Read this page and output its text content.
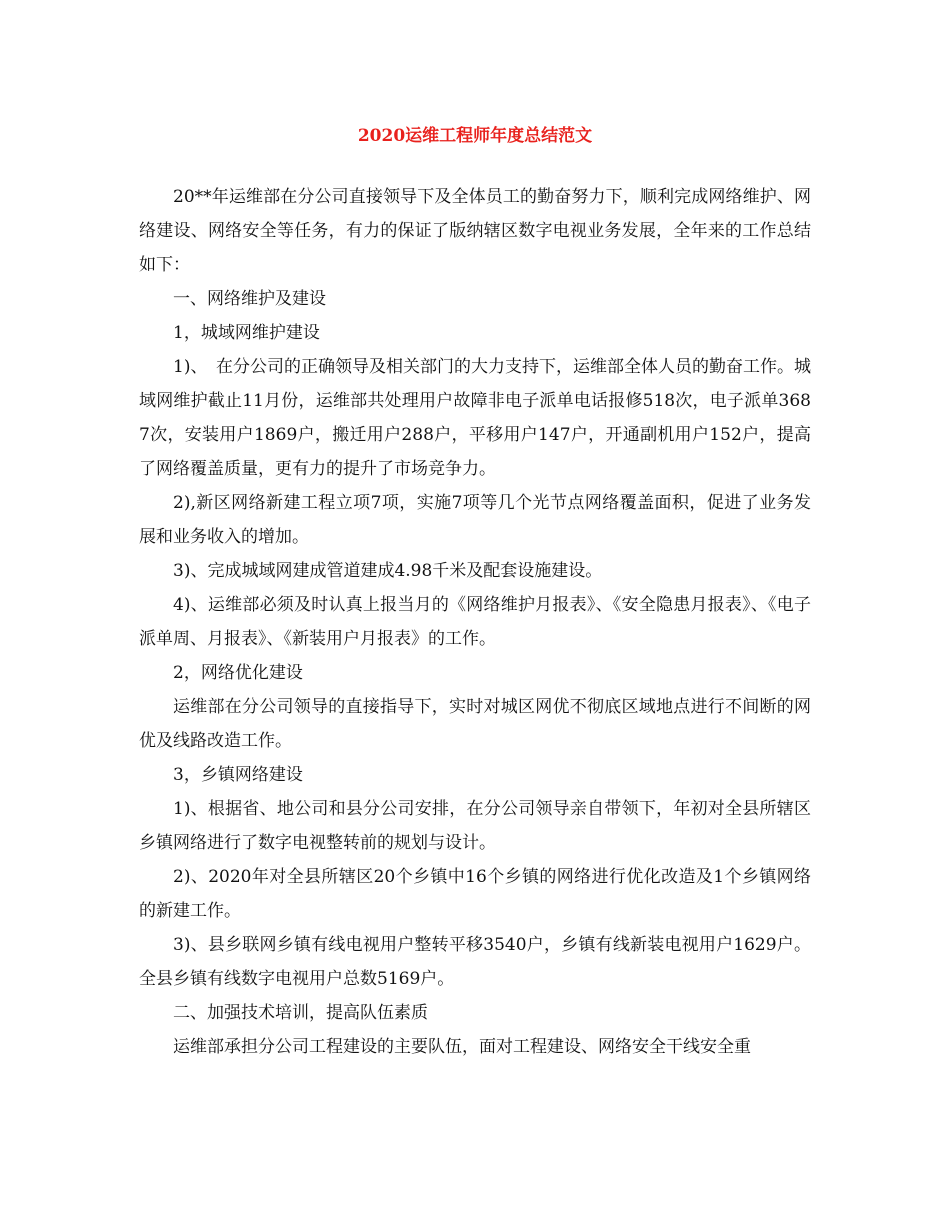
2020运维工程师年度总结范文

20**年运维部在分公司直接领导下及全体员工的勤奋努力下，顺利完成网络维护、网络建设、网络安全等任务，有力的保证了版纳辖区数字电视业务发展，全年来的工作总结如下：

一、网络维护及建设

1，城域网维护建设

1)、　在分公司的正确领导及相关部门的大力支持下，运维部全体人员的勤奋工作。城域网维护截止11月份，运维部共处理用户故障非电子派单电话报修518次，电子派单3687次，安装用户1869户，搬迁用户288户，平移用户147户，开通副机用户152户，提高了网络覆盖质量，更有力的提升了市场竞争力。

2),新区网络新建工程立项7项，实施7项等几个光节点网络覆盖面积，促进了业务发展和业务收入的增加。

3)、完成城域网建成管道建成4.98千米及配套设施建设。

4)、运维部必须及时认真上报当月的《网络维护月报表》、《安全隐患月报表》、《电子派单周、月报表》、《新装用户月报表》的工作。

2，网络优化建设

运维部在分公司领导的直接指导下，实时对城区网优不彻底区域地点进行不间断的网优及线路改造工作。

3，乡镇网络建设

1)、根据省、地公司和县分公司安排，在分公司领导亲自带领下，年初对全县所辖区乡镇网络进行了数字电视整转前的规划与设计。

2)、2020年对全县所辖区20个乡镇中16个乡镇的网络进行优化改造及1个乡镇网络的新建工作。

3)、县乡联网乡镇有线电视用户整转平移3540户，乡镇有线新装电视用户1629户。全县乡镇有线数字电视用户总数5169户。

二、加强技术培训，提高队伍素质

运维部承担分公司工程建设的主要队伍，面对工程建设、网络安全干线安全重
